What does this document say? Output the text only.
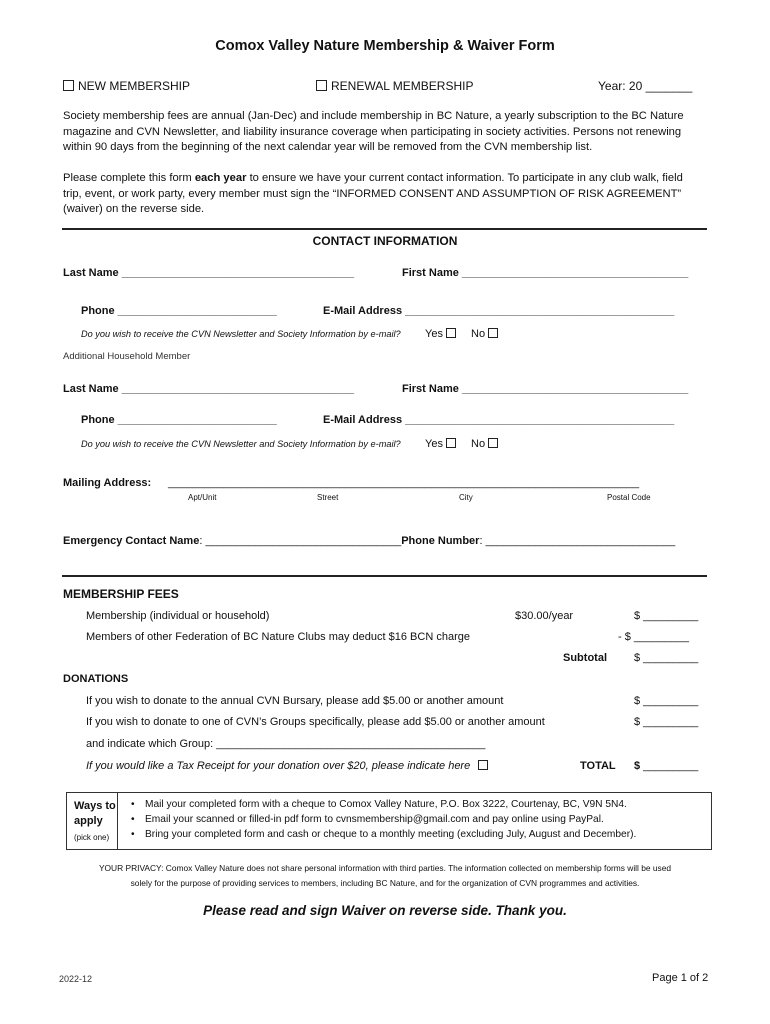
Comox Valley Nature Membership & Waiver Form
NEW MEMBERSHIP	RENEWAL MEMBERSHIP	Year: 20 _______
Society membership fees are annual (Jan-Dec) and include membership in BC Nature, a yearly subscription to the BC Nature magazine and CVN Newsletter, and liability insurance coverage when participating in society activities. Persons not renewing within 90 days from the beginning of the next calendar year will be removed from the CVN membership list.
Please complete this form each year to ensure we have your current contact information. To participate in any club walk, field trip, event, or work party, every member must sign the “INFORMED CONSENT AND ASSUMPTION OF RISK AGREEMENT” (waiver) on the reverse side.
CONTACT INFORMATION
Last Name ______________________________________	First Name _____________________________________
Phone __________________________	E-Mail Address ____________________________________________
Do you wish to receive the CVN Newsletter and Society Information by e-mail? Yes	No
Additional Household Member
Last Name ______________________________________	First Name _____________________________________
Phone __________________________	E-Mail Address ____________________________________________
Do you wish to receive the CVN Newsletter and Society Information by e-mail? Yes	No
Mailing Address: _____________________________________________________________________________
Apt/Unit	Street	City	Postal Code
Emergency Contact Name: ________________________________Phone Number: _______________________________
MEMBERSHIP FEES
Membership (individual or household)	$30.00/year	$ _________
Members of other Federation of BC Nature Clubs may deduct $16 BCN charge	- $ _________
Subtotal $ _________
DONATIONS
If you wish to donate to the annual CVN Bursary, please add $5.00 or another amount	$ _________
If you wish to donate to one of CVN’s Groups specifically, please add $5.00 or another amount	$ _________
and indicate which Group: ____________________________________________
If you would like a Tax Receipt for your donation over $20, please indicate here	TOTAL $ _________
Ways to
apply
(pick one)
• Mail your completed form with a cheque to Comox Valley Nature, P.O. Box 3222, Courtenay, BC, V9N 5N4.
• Email your scanned or filled-in pdf form to cvnsmembership@gmail.com and pay online using PayPal.
• Bring your completed form and cash or cheque to a monthly meeting (excluding July, August and December).
YOUR PRIVACY: Comox Valley Nature does not share personal information with third parties. The information collected on membership forms will be used
solely for the purpose of providing services to members, including BC Nature, and for the organization of CVN programmes and activities.
Please read and sign Waiver on reverse side. Thank you.
2022-12	Page 1 of 2
